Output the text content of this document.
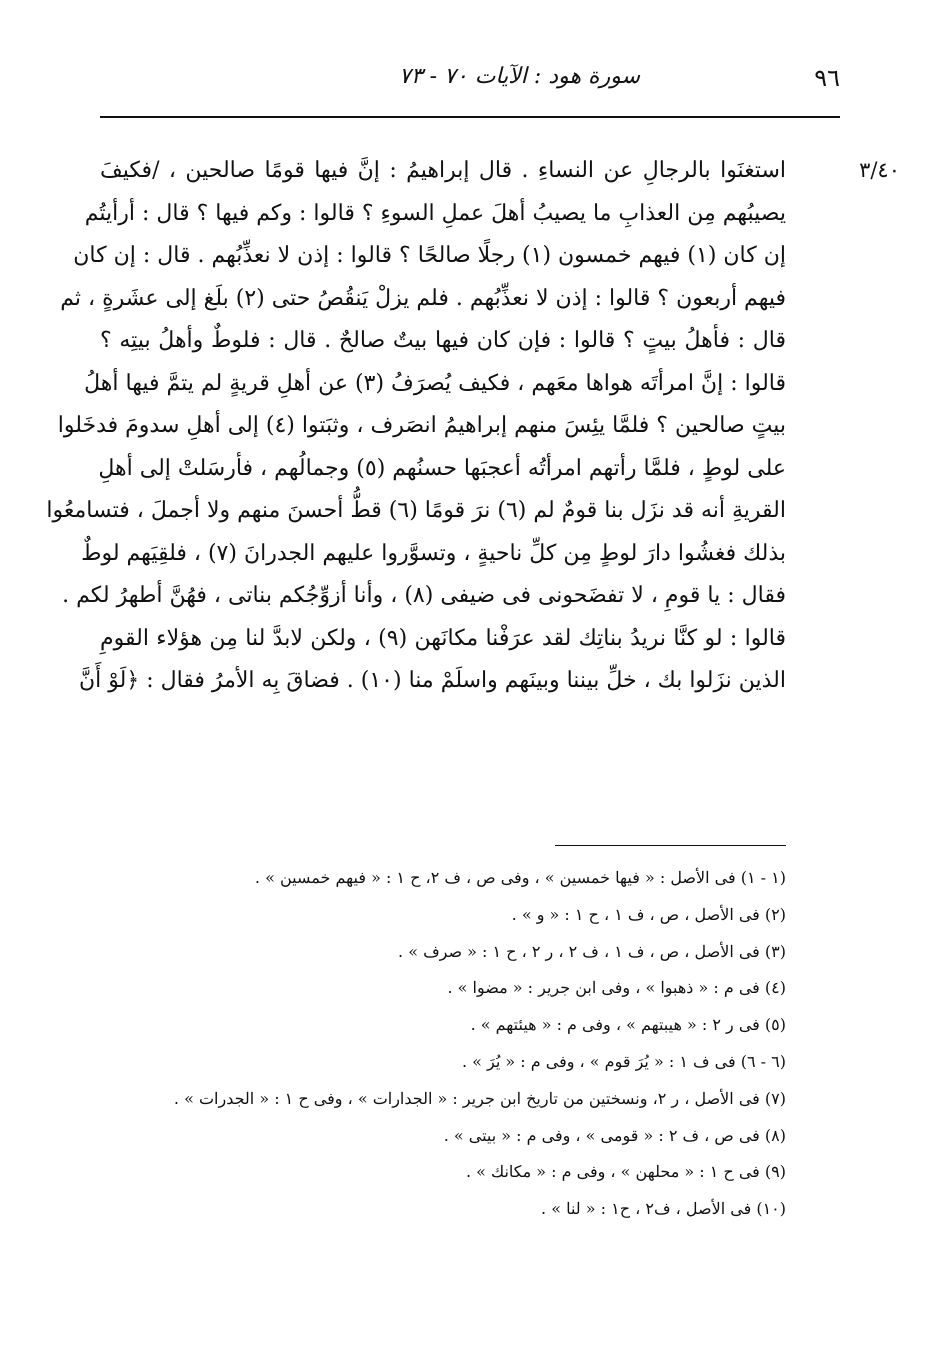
٩٦
سورة هود : الآيات ٧٠ - ٧٣
٣/٤٠
استغنَوا بالرجالِ عن النساءِ . قال إبراهيمُ : إنَّ فيها قومًا صالحين ، /فكيفَ
يصيبُهم مِن العذابِ ما يصيبُ أهلَ عملِ السوءِ ؟ قالوا : وكم فيها ؟ قال : أرأيتُم
إن كان (١) فيهم خمسون (١) رجلًا صالحًا ؟ قالوا : إذن لا نعذِّبُهم . قال : إن كان
فيهم أربعون ؟ قالوا : إذن لا نعذِّبُهم . فلم يزلْ يَنقُصُ حتى (٢) بلَغ إلى عشَرةٍ ، ثم
قال : فأهلُ بيتٍ ؟ قالوا : فإن كان فيها بيتٌ صالحٌ . قال : فلوطٌ وأهلُ بيتِه ؟
قالوا : إنَّ امرأتَه هواها معَهم ، فكيف يُصرَفُ (٣) عن أهلِ قريةٍ لم يتمَّ فيها أهلُ
بيتٍ صالحين ؟ فلمَّا يئِسَ منهم إبراهيمُ انصَرف ، وثبَتوا (٤) إلى أهلِ سدومَ فدخَلوا
على لوطٍ ، فلمَّا رأتهم امرأتُه أعجبَها حسنُهم (٥) وجمالُهم ، فأرسَلتْ إلى أهلِ
القريةِ أنه قد نزَل بنا قومٌ لم (٦) نرَ قومًا (٦) قطُّ أحسنَ منهم ولا أجملَ ، فتسامعُوا
بذلك فغشُوا دارَ لوطٍ مِن كلِّ ناحيةٍ ، وتسوَّروا عليهم الجدرانَ (٧) ، فلقِيَهم لوطٌ
فقال : يا قومِ ، لا تفضَحونى فى ضيفى (٨) ، وأنا أزوِّجُكم بناتى ، فهُنَّ أطهرُ لكم .
قالوا : لو كنَّا نريدُ بناتِك لقد عرَفْنا مكانَهن (٩) ، ولكن لابدَّ لنا مِن هؤلاء القومِ
الذين نزَلوا بك ، خلِّ بيننا وبينَهم واسلَمْ منا (١٠) . فضاقَ بِه الأمرُ فقال : ﴿لَوْ أَنَّ
(١ - ١) فى الأصل : « فيها خمسين » ، وفى ص ، ف ٢، ح ١ : « فيهم خمسين » .
(٢) فى الأصل ، ص ، ف ١ ، ح ١ : « و » .
(٣) فى الأصل ، ص ، ف ١ ، ف ٢ ، ر ٢ ، ح ١ : « صرف » .
(٤) فى م : « ذهبوا » ، وفى ابن جرير : « مضوا » .
(٥) فى ر ٢ : « هيبتهم » ، وفى م : « هيئتهم » .
(٦ - ٦) فى ف ١ : « يُرَ قوم » ، وفى م : « يُرَ » .
(٧) فى الأصل ، ر ٢، ونسختين من تاريخ ابن جرير : « الجدارات » ، وفى ح ١ : « الجدرات » .
(٨) فى ص ، ف ٢ : « قومى » ، وفى م : « بيتى » .
(٩) فى ح ١ : « محلهن » ، وفى م : « مكانك » .
(١٠) فى الأصل ، ف٢ ، ح١ : « لنا » .
